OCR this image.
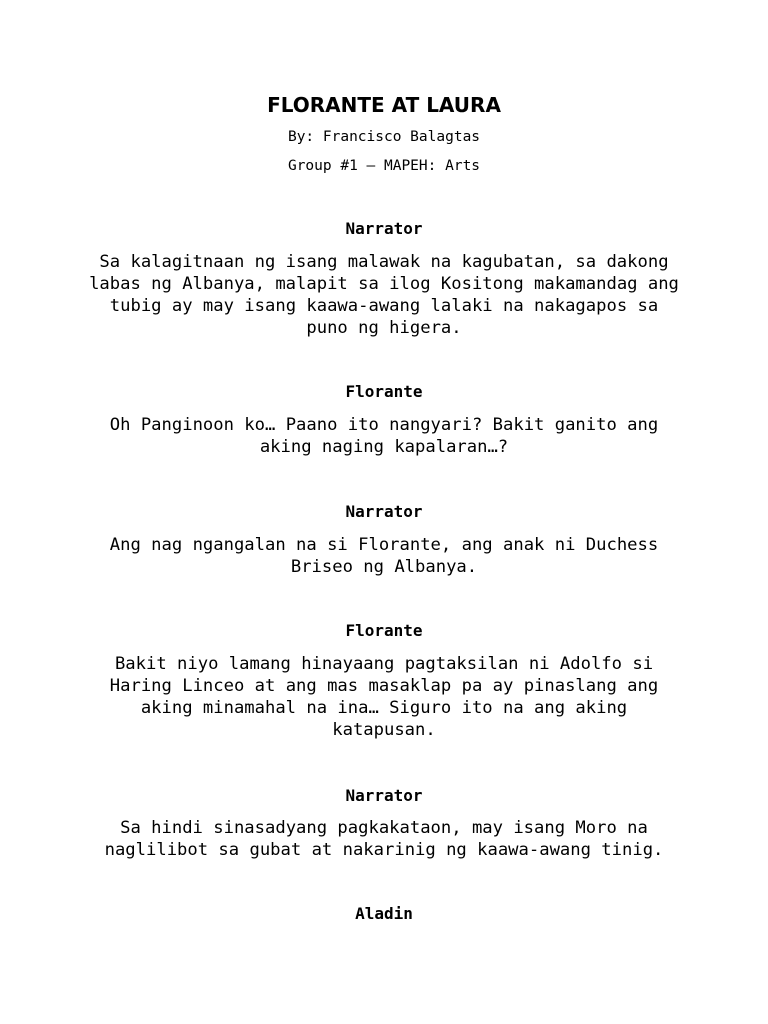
FLORANTE AT LAURA

By: Francisco Balagtas

Group #1 – MAPEH: Arts

Narrator

Sa kalagitnaan ng isang malawak na kagubatan, sa dakong labas ng Albanya, malapit sa ilog Kositong makamandag ang tubig ay may isang kaawa-awang lalaki na nakagapos sa puno ng higera.

Florante

Oh Panginoon ko… Paano ito nangyari? Bakit ganito ang aking naging kapalaran…?

Narrator

Ang nag ngangalan na si Florante, ang anak ni Duchess Briseo ng Albanya.

Florante

Bakit niyo lamang hinayaang pagtaksilan ni Adolfo si Haring Linceo at ang mas masaklap pa ay pinaslang ang aking minamahal na ina… Siguro ito na ang aking katapusan.

Narrator

Sa hindi sinasadyang pagkakataon, may isang Moro na naglilibot sa gubat at nakarinig ng kaawa-awang tinig.

Aladin
